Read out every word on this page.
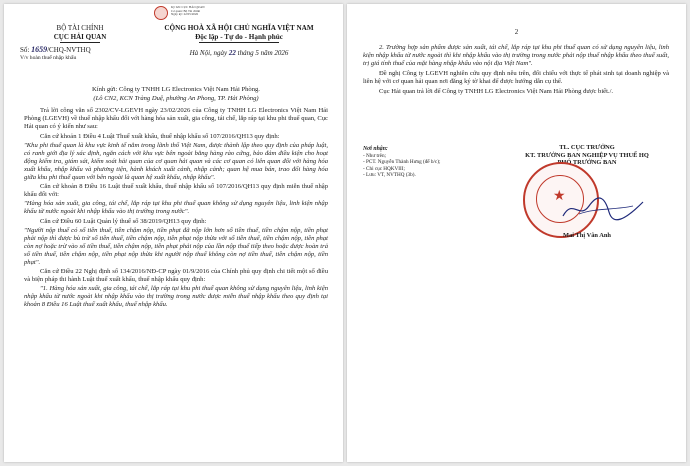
Ký bởi: CỤC HẢI QUAN
Cơ quan: Bộ Tài chính
Ngày ký: 22/05/2026
BỘ TÀI CHÍNH
CỤC HẢI QUAN
Số: 1659/CHQ-NVTHQ
V/v hoàn thuế nhập khẩu
CỘNG HOÀ XÃ HỘI CHỦ NGHĨA VIỆT NAM
Độc lập - Tự do - Hạnh phúc
Hà Nội, ngày 22 tháng 5 năm 2026

Kính gửi: Công ty TNHH LG Electronics Việt Nam Hải Phòng.

(Lô CN2, KCN Tràng Duệ, phường An Phong, TP. Hải Phòng)

Trả lời công văn số 2302/CV-LGEVH ngày 23/02/2026 của Công ty TNHH LG Electronics Việt Nam Hải Phòng (LGEVH) về thuế nhập khẩu đối với hàng hóa sản xuất, gia công, tái chế, lắp ráp tại khu phi thuế quan, Cục Hải quan có ý kiến như sau:

Căn cứ khoản 1 Điều 4 Luật Thuế xuất khẩu, thuế nhập khẩu số 107/2016/QH13 quy định:

"Khu phi thuế quan là khu vực kinh tế nằm trong lãnh thổ Việt Nam, được thành lập theo quy định của pháp luật, có ranh giới địa lý xác định, ngăn cách với khu vực bên ngoài bằng hàng rào cứng, bảo đảm điều kiện cho hoạt động kiểm tra, giám sát, kiểm soát hải quan của cơ quan hải quan và các cơ quan có liên quan đối với hàng hóa xuất khẩu, nhập khẩu và phương tiện, hành khách xuất cảnh, nhập cảnh; quan hệ mua bán, trao đổi hàng hóa giữa khu phi thuế quan với bên ngoài là quan hệ xuất khẩu, nhập khẩu".

Căn cứ khoản 8 Điều 16 Luật thuế xuất khẩu, thuế nhập khẩu số 107/2016/QH13 quy định miễn thuế nhập khẩu đối với:

"Hàng hóa sản xuất, gia công, tái chế, lắp ráp tại khu phi thuế quan không sử dụng nguyên liệu, linh kiện nhập khẩu từ nước ngoài khi nhập khẩu vào thị trường trong nước".

Căn cứ Điều 60 Luật Quản lý thuế số 38/2019/QH13 quy định:

"Người nộp thuế có số tiền thuế, tiền chậm nộp, tiền phạt đã nộp lớn hơn số tiền thuế, tiền chậm nộp, tiền phạt phải nộp thì được bù trừ số tiền thuế, tiền chậm nộp, tiền phạt nộp thừa với số tiền thuế, tiền chậm nộp, tiền phạt còn nợ hoặc trừ vào số tiền thuế, tiền chậm nộp, tiền phạt phải nộp của lần nộp thuế tiếp theo hoặc được hoàn trả số tiền thuế, tiền chậm nộp, tiền phạt nộp thừa khi người nộp thuế không còn nợ tiền thuế, tiền chậm nộp, tiền phạt".

Căn cứ Điều 22 Nghị định số 134/2016/NĐ-CP ngày 01/9/2016 của Chính phủ quy định chi tiết một số điều và biện pháp thi hành Luật thuế xuất khẩu, thuế nhập khẩu quy định:

"1. Hàng hóa sản xuất, gia công, tái chế, lắp ráp tại khu phi thuế quan không sử dụng nguyên liệu, linh kiện nhập khẩu từ nước ngoài khi nhập khẩu vào thị trường trong nước được miễn thuế nhập khẩu theo quy định tại khoản 8 Điều 16 Luật thuế xuất khẩu, thuế nhập khẩu.

2

2. Trường hợp sản phẩm được sản xuất, tái chế, lắp ráp tại khu phi thuế quan có sử dụng nguyên liệu, linh kiện nhập khẩu từ nước ngoài thì khi nhập khẩu vào thị trường trong nước phải nộp thuế nhập khẩu theo thuế suất, trị giá tính thuế của mặt hàng nhập khẩu vào nội địa Việt Nam".

Đề nghị Công ty LGEVH nghiên cứu quy định nêu trên, đối chiếu với thực tế phát sinh tại doanh nghiệp và liên hệ với cơ quan hải quan nơi đăng ký tờ khai để được hướng dẫn cụ thể.

Cục Hải quan trả lời để Công ty TNHH LG Electronics Việt Nam Hải Phòng được biết./.

Nơi nhận:
- Như trên;
- PCT. Nguyễn Thành Hưng (để b/c);
- Chi cục HQKVIII;
- Lưu: VT, NVTHQ (3b).
TL. CỤC TRƯỞNG
KT. TRƯỞNG BAN NGHIỆP VỤ THUẾ HQ
PHÓ TRƯỞNG BAN
★
Mai Thị Vân Anh
